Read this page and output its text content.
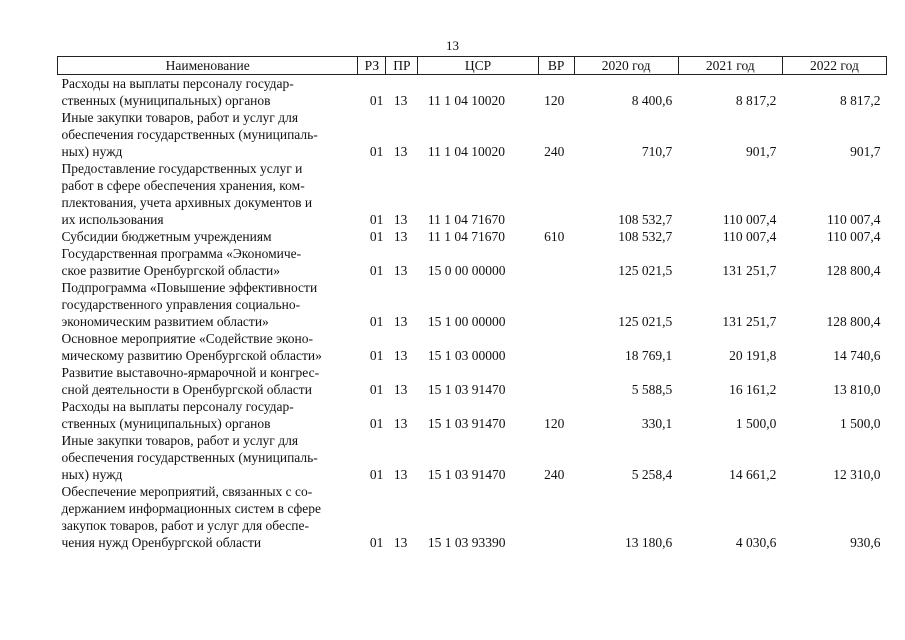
13
Наименование	РЗ	ПР	ЦСР	ВР	2020 год	2021 год	2022 год

Расходы на выплаты персоналу государ-
ственных (муниципальных) органов	01	13	11 1 04 10020	120	8 400,6	8 817,2	8 817,2

Иные закупки товаров, работ и услуг для
обеспечения государственных (муниципаль-
ных) нужд	01	13	11 1 04 10020	240	710,7	901,7	901,7

Предоставление государственных услуг и
работ в сфере обеспечения хранения, ком-
плектования, учета архивных документов и
их использования	01	13	11 1 04 71670		108 532,7	110 007,4	110 007,4

Субсидии бюджетным учреждениям	01	13	11 1 04 71670	610	108 532,7	110 007,4	110 007,4

Государственная программа «Экономиче-
ское развитие Оренбургской области»	01	13	15 0 00 00000		125 021,5	131 251,7	128 800,4

Подпрограмма «Повышение эффективности
государственного управления социально-
экономическим развитием области»	01	13	15 1 00 00000		125 021,5	131 251,7	128 800,4

Основное мероприятие «Содействие эконо-
мическому развитию Оренбургской области»	01	13	15 1 03 00000		18 769,1	20 191,8	14 740,6

Развитие выставочно-ярмарочной и конгрес-
сной деятельности в Оренбургской области	01	13	15 1 03 91470		5 588,5	16 161,2	13 810,0

Расходы на выплаты персоналу государ-
ственных (муниципальных) органов	01	13	15 1 03 91470	120	330,1	1 500,0	1 500,0

Иные закупки товаров, работ и услуг для
обеспечения государственных (муниципаль-
ных) нужд	01	13	15 1 03 91470	240	5 258,4	14 661,2	12 310,0

Обеспечение мероприятий, связанных с со-
держанием информационных систем в сфере
закупок товаров, работ и услуг для обеспе-
чения нужд Оренбургской области	01	13	15 1 03 93390		13 180,6	4 030,6	930,6
